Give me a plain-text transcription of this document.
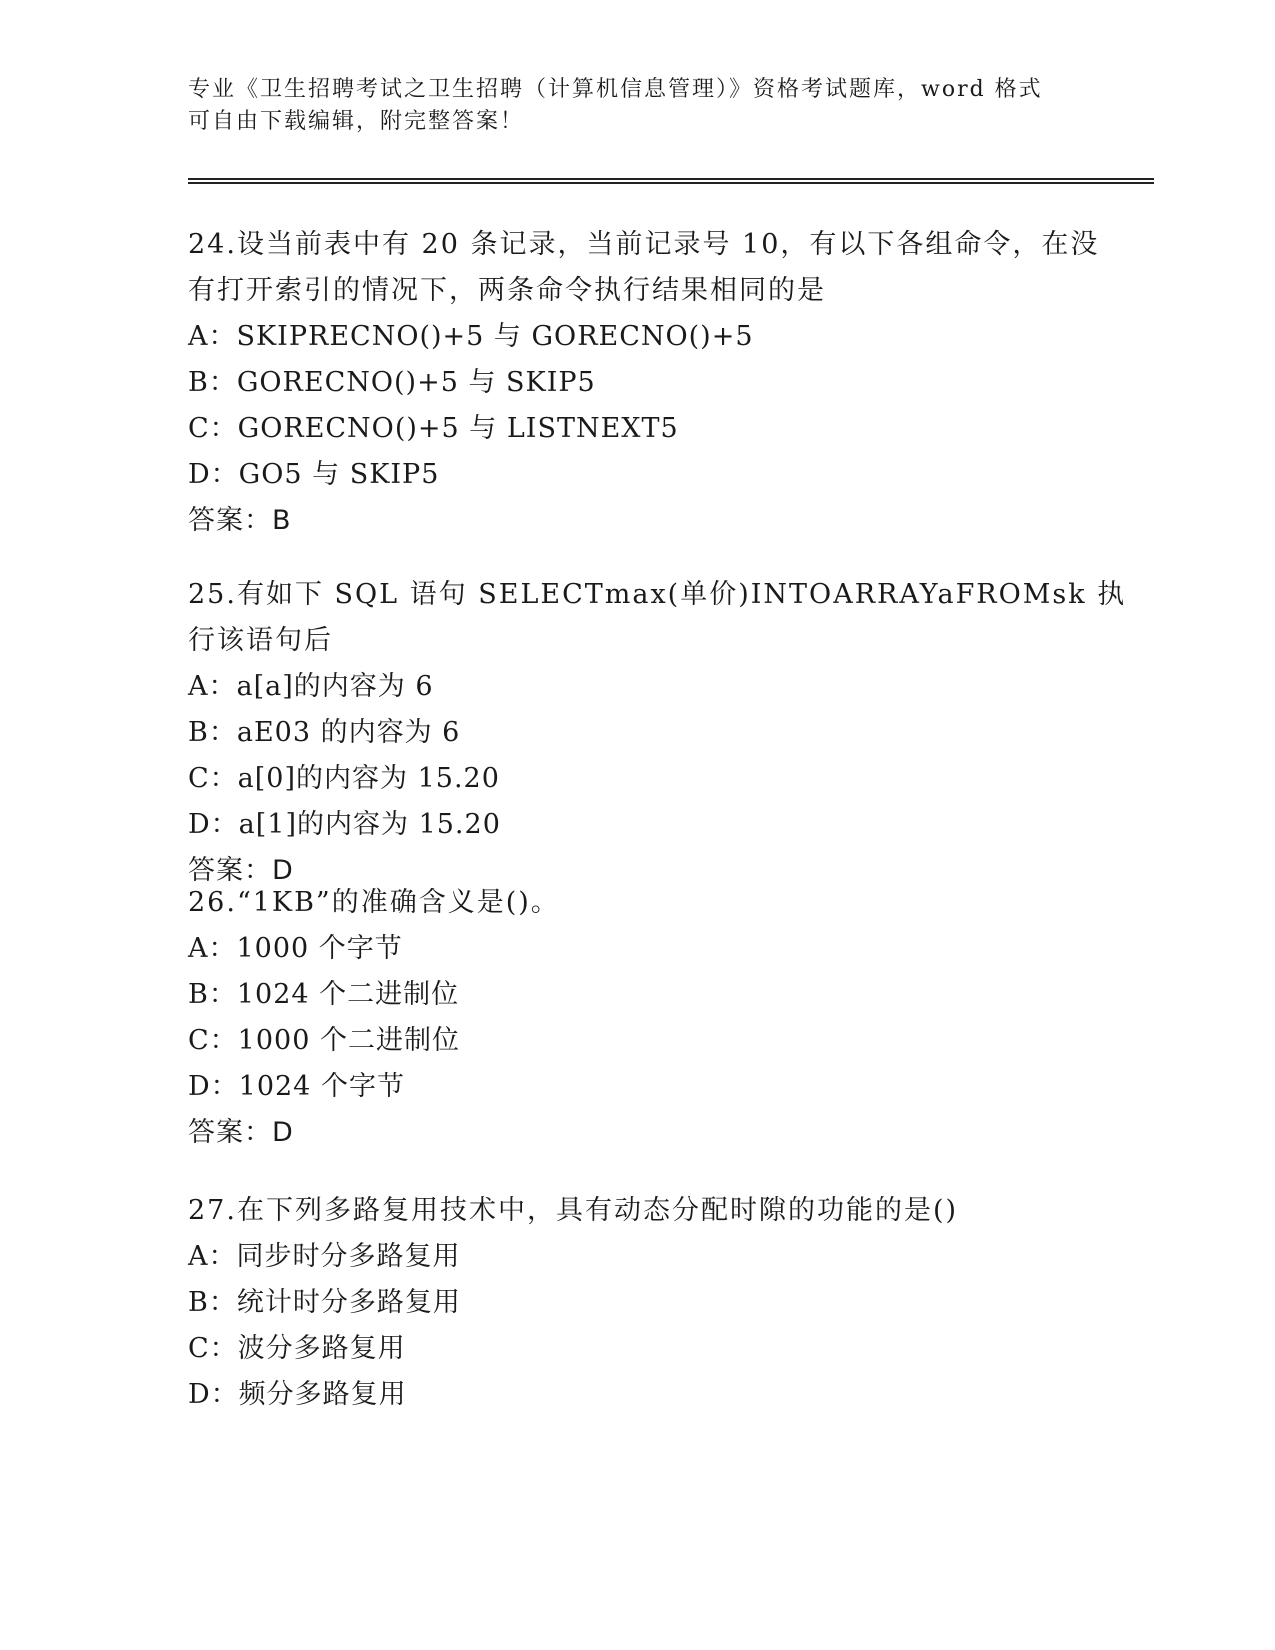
专业《卫生招聘考试之卫生招聘（计算机信息管理）》资格考试题库，word 格式
可自由下载编辑，附完整答案！
24.设当前表中有 20 条记录，当前记录号 10，有以下各组命令，在没
有打开索引的情况下，两条命令执行结果相同的是
A：SKIPRECNO()+5 与 GORECNO()+5
B：GORECNO()+5 与 SKIP5
C：GORECNO()+5 与 LISTNEXT5
D：GO5 与 SKIP5
答案：B
25.有如下 SQL 语句 SELECTmax(单价)INTOARRAYaFROMsk 执行该语句后
A：a[a]的内容为 6
B：aE03 的内容为 6
C：a[0]的内容为 15.20
D：a[1]的内容为 15.20
答案：D
26.“1KB”的准确含义是()。
A：1000 个字节
B：1024 个二进制位
C：1000 个二进制位
D：1024 个字节
答案：D
27.在下列多路复用技术中，具有动态分配时隙的功能的是()
A：同步时分多路复用
B：统计时分多路复用
C：波分多路复用
D：频分多路复用
